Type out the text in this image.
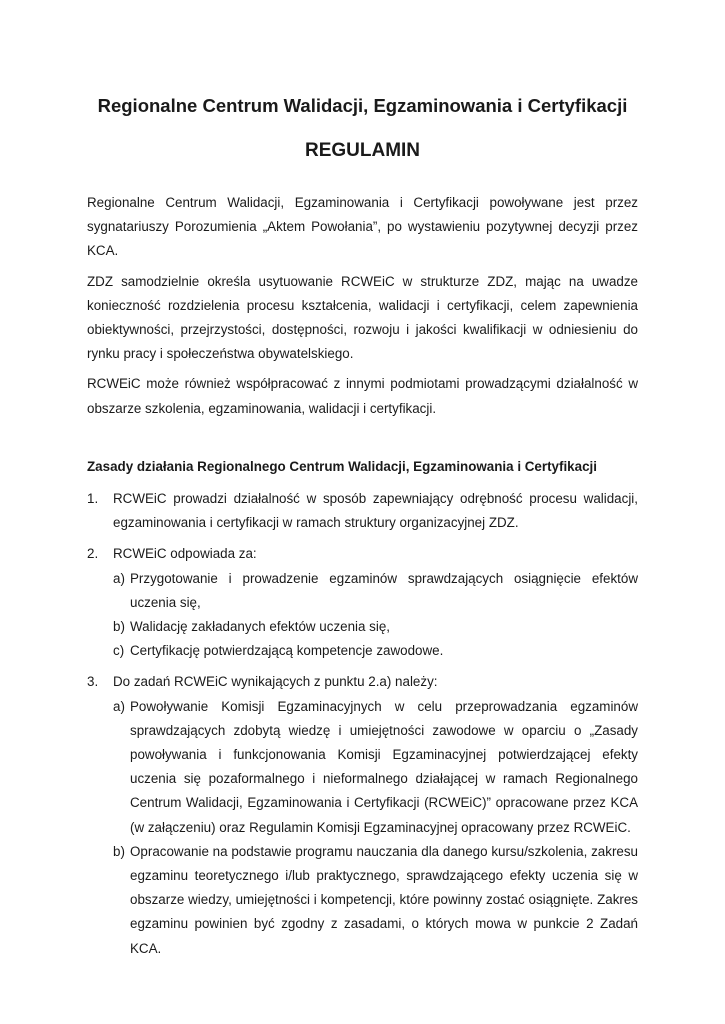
Regionalne Centrum Walidacji, Egzaminowania i Certyfikacji
REGULAMIN

Regionalne Centrum Walidacji, Egzaminowania i Certyfikacji powoływane jest przez sygnatariuszy Porozumienia „Aktem Powołania”, po wystawieniu pozytywnej decyzji przez KCA.

ZDZ samodzielnie określa usytuowanie RCWEiC w strukturze ZDZ, mając na uwadze konieczność rozdzielenia procesu kształcenia, walidacji i certyfikacji, celem zapewnienia obiektywności, przejrzystości, dostępności, rozwoju i jakości kwalifikacji w odniesieniu do rynku pracy i społeczeństwa obywatelskiego.

RCWEiC może również współpracować z innymi podmiotami prowadzącymi działalność w obszarze szkolenia, egzaminowania, walidacji i certyfikacji.

Zasady działania Regionalnego Centrum Walidacji, Egzaminowania i Certyfikacji

1. RCWEiC prowadzi działalność w sposób zapewniający odrębność procesu walidacji, egzaminowania i certyfikacji w ramach struktury organizacyjnej ZDZ.
2. RCWEiC odpowiada za:
a) Przygotowanie i prowadzenie egzaminów sprawdzających osiągnięcie efektów uczenia się,
b) Walidację zakładanych efektów uczenia się,
c) Certyfikację potwierdzającą kompetencje zawodowe.
3. Do zadań RCWEiC wynikających z punktu 2.a) należy:
a) Powoływanie Komisji Egzaminacyjnych w celu przeprowadzania egzaminów sprawdzających zdobytą wiedzę i umiejętności zawodowe w oparciu o „Zasady powoływania i funkcjonowania Komisji Egzaminacyjnej potwierdzającej efekty uczenia się pozaformalnego i nieformalnego działającej w ramach Regionalnego Centrum Walidacji, Egzaminowania i Certyfikacji (RCWEiC)” opracowane przez KCA (w załączeniu) oraz Regulamin Komisji Egzaminacyjnej opracowany przez RCWEiC.
b) Opracowanie na podstawie programu nauczania dla danego kursu/szkolenia, zakresu egzaminu teoretycznego i/lub praktycznego, sprawdzającego efekty uczenia się w obszarze wiedzy, umiejętności i kompetencji, które powinny zostać osiągnięte. Zakres egzaminu powinien być zgodny z zasadami, o których mowa w punkcie 2 Zadań KCA.
